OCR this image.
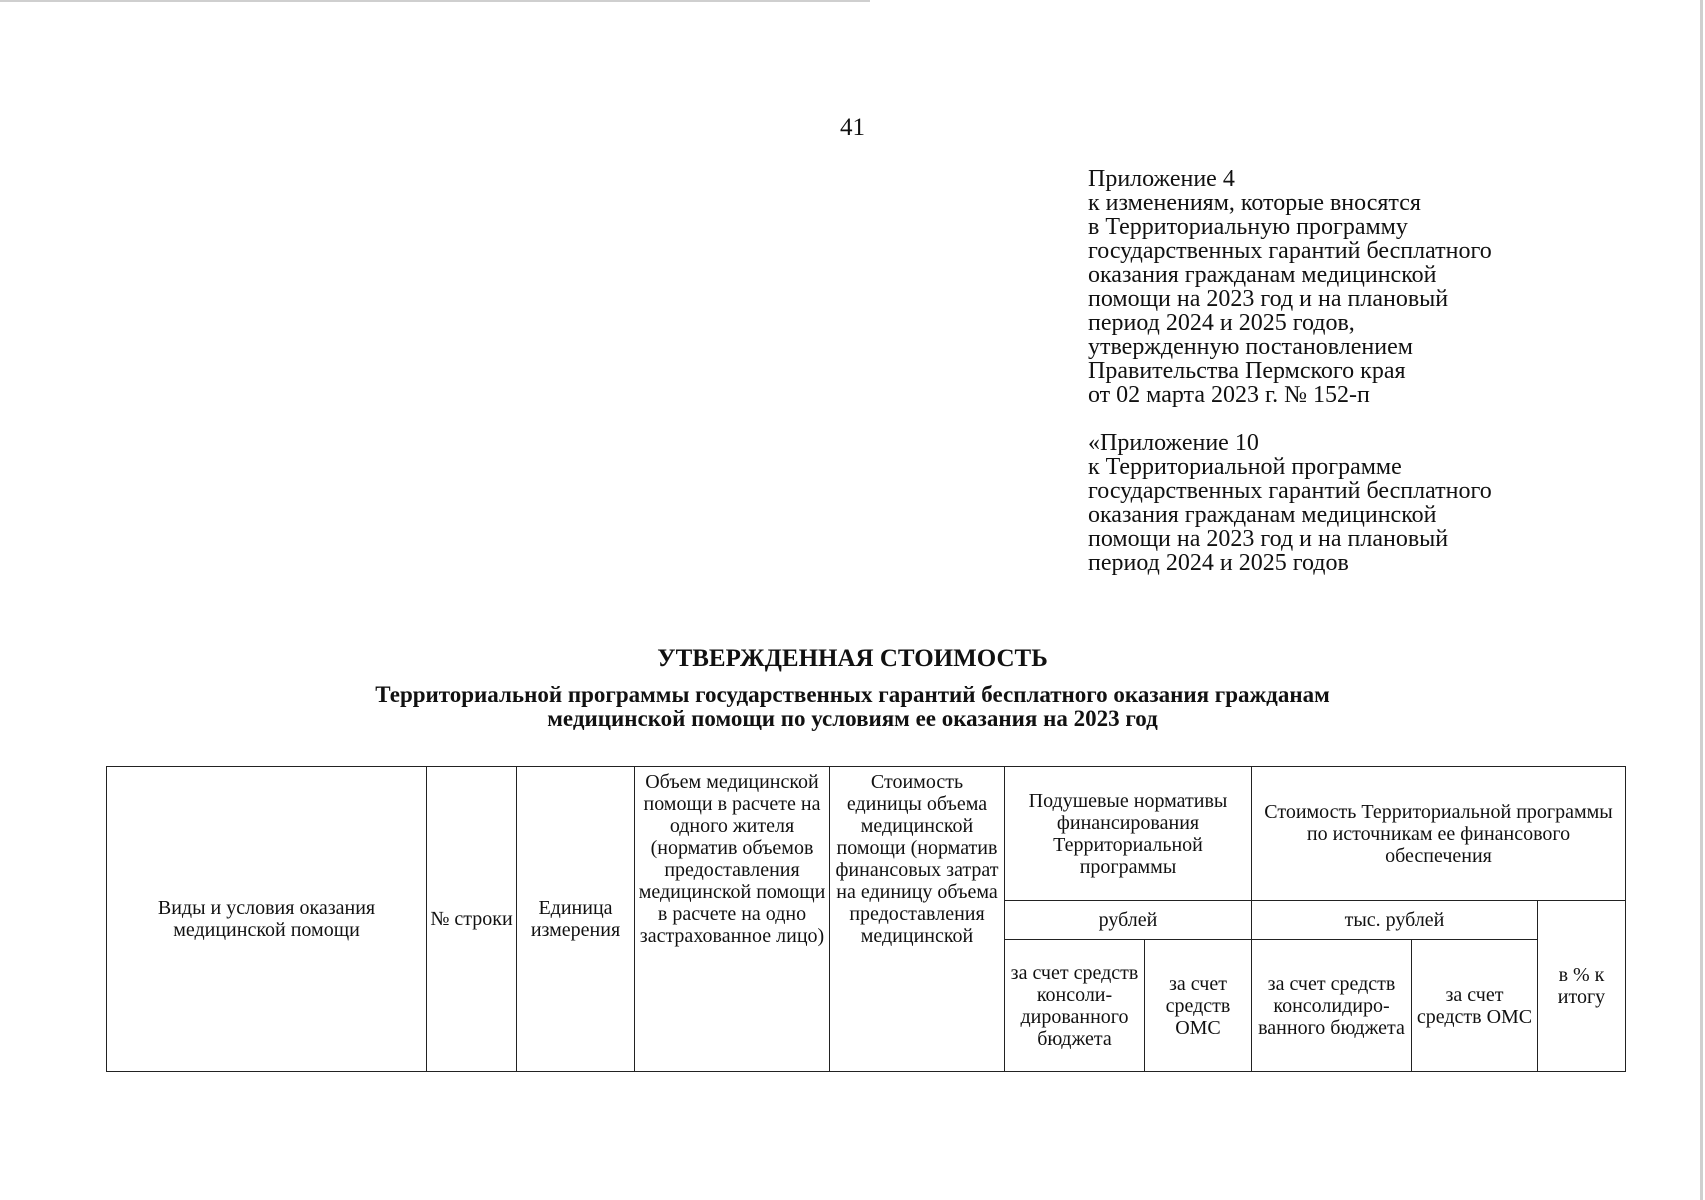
41
Приложение 4
к изменениям, которые вносятся
в Территориальную программу
государственных гарантий бесплатного
оказания гражданам медицинской
помощи на 2023 год и на плановый
период 2024 и 2025 годов,
утвержденную постановлением
Правительства Пермского края
от 02 марта 2023 г. № 152-п
«Приложение 10
к Территориальной программе
государственных гарантий бесплатного
оказания гражданам медицинской
помощи на 2023 год и на плановый
период 2024 и 2025 годов
УТВЕРЖДЕННАЯ СТОИМОСТЬ
Территориальной программы государственных гарантий бесплатного оказания гражданам
медицинской помощи по условиям ее оказания на 2023 год
Виды и условия оказания медицинской помощи	№ строки	Единица измерения	Объем медицинской помощи в расчете на одного жителя (норматив объемов предоставления медицинской помощи в расчете на одно застрахованное лицо)	Стоимость единицы объема медицинской помощи (норматив финансовых затрат на единицу объема предоставления медицинской	Подушевые нормативы финансирования Территориальной программы		Стоимость Территориальной программы по источникам ее финансового обеспечения		
					рублей		тыс. рублей		в % к итогу
					за счет средств консоли-дированного бюджета	за счет средств ОМС	за счет средств консолидиро-ванного бюджета	за счет средств ОМС	
